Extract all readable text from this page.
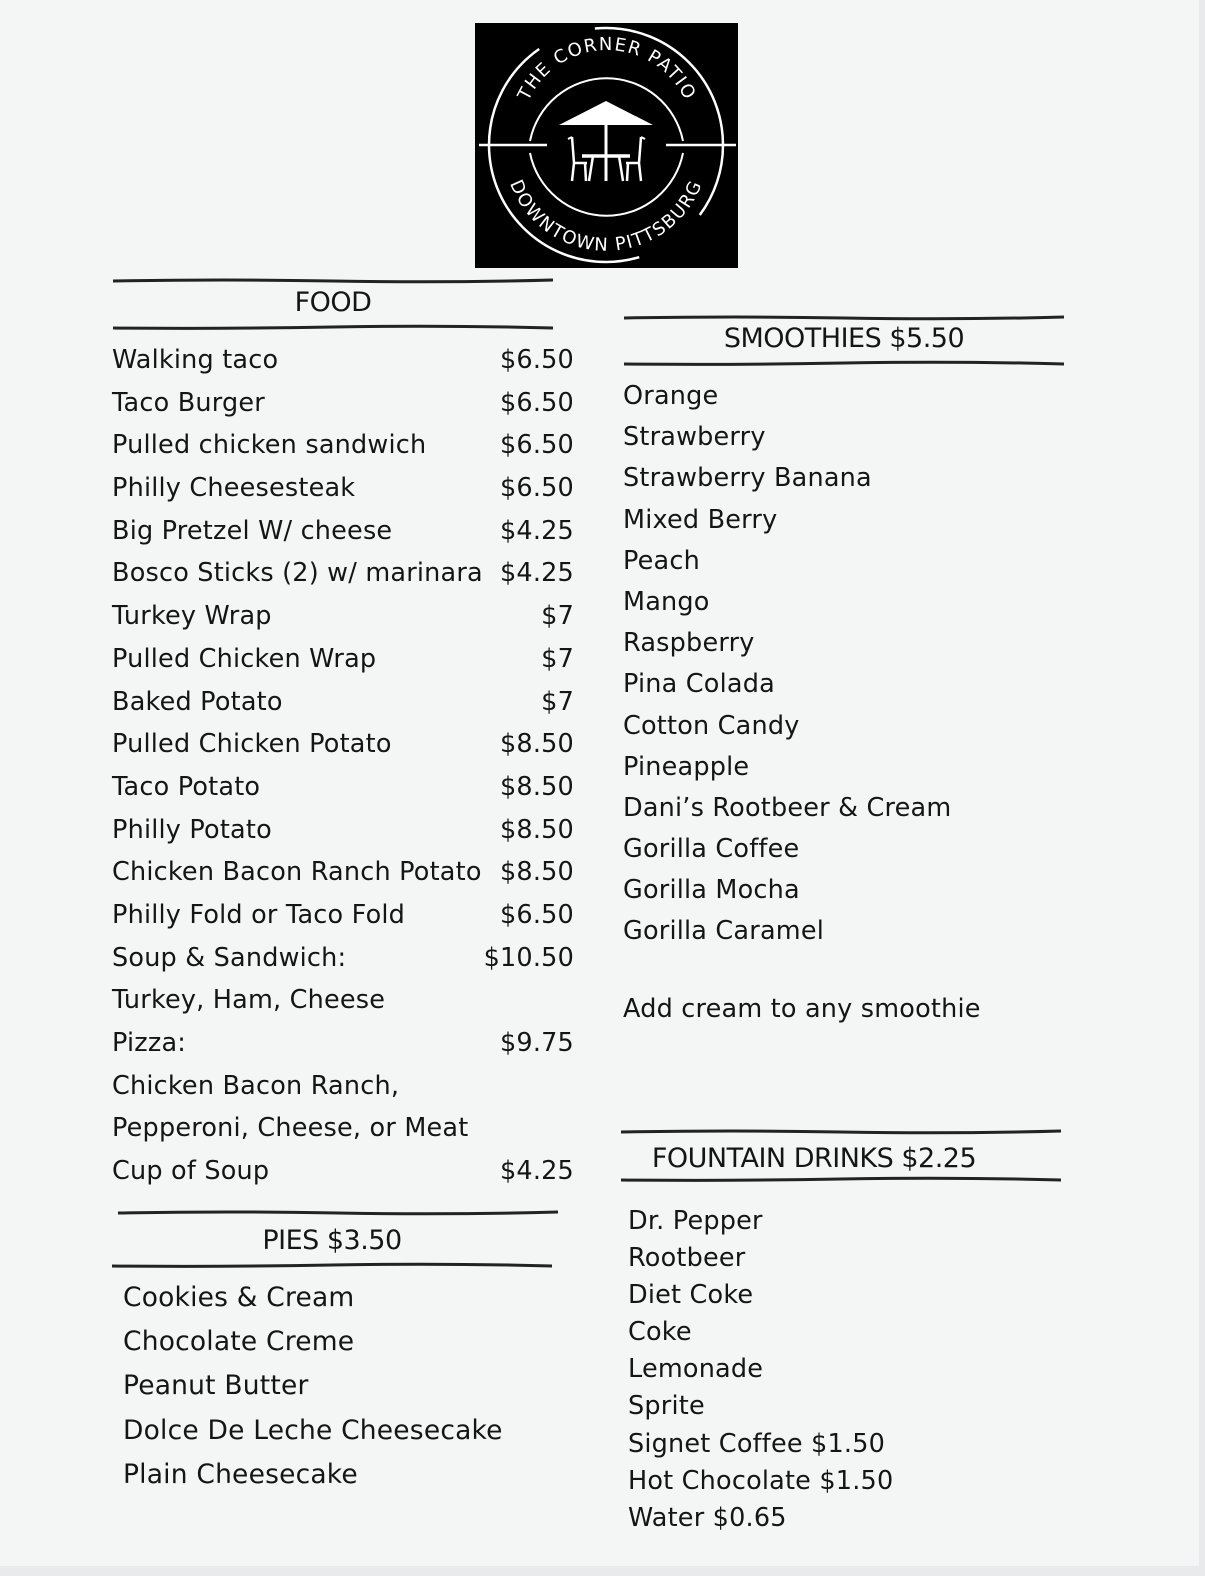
THE CORNER PATIO
DOWNTOWN PITTSBURG
FOOD
Walking taco	$6.50
Taco Burger	$6.50
Pulled chicken sandwich	$6.50
Philly Cheesesteak	$6.50
Big Pretzel W/ cheese	$4.25
Bosco Sticks (2) w/ marinara $4.25
Turkey Wrap	$7
Pulled Chicken Wrap	$7
Baked Potato	$7
Pulled Chicken Potato	$8.50
Taco Potato	$8.50
Philly Potato	$8.50
Chicken Bacon Ranch Potato $8.50
Philly Fold or Taco Fold	$6.50
Soup & Sandwich:	$10.50
Turkey, Ham, Cheese
Pizza:	$9.75
Chicken Bacon Ranch,
Pepperoni, Cheese, or Meat
Cup of Soup	$4.25
PIES $3.50
Cookies & Cream
Chocolate Creme
Peanut Butter
Dolce De Leche Cheesecake
Plain Cheesecake
SMOOTHIES $5.50
Orange
Strawberry
Strawberry Banana
Mixed Berry
Peach
Mango
Raspberry
Pina Colada
Cotton Candy
Pineapple
Dani’s Rootbeer & Cream
Gorilla Coffee
Gorilla Mocha
Gorilla Caramel
Add cream to any smoothie
FOUNTAIN DRINKS $2.25
Dr. Pepper
Rootbeer
Diet Coke
Coke
Lemonade
Sprite
Signet Coffee $1.50
Hot Chocolate $1.50
Water $0.65
